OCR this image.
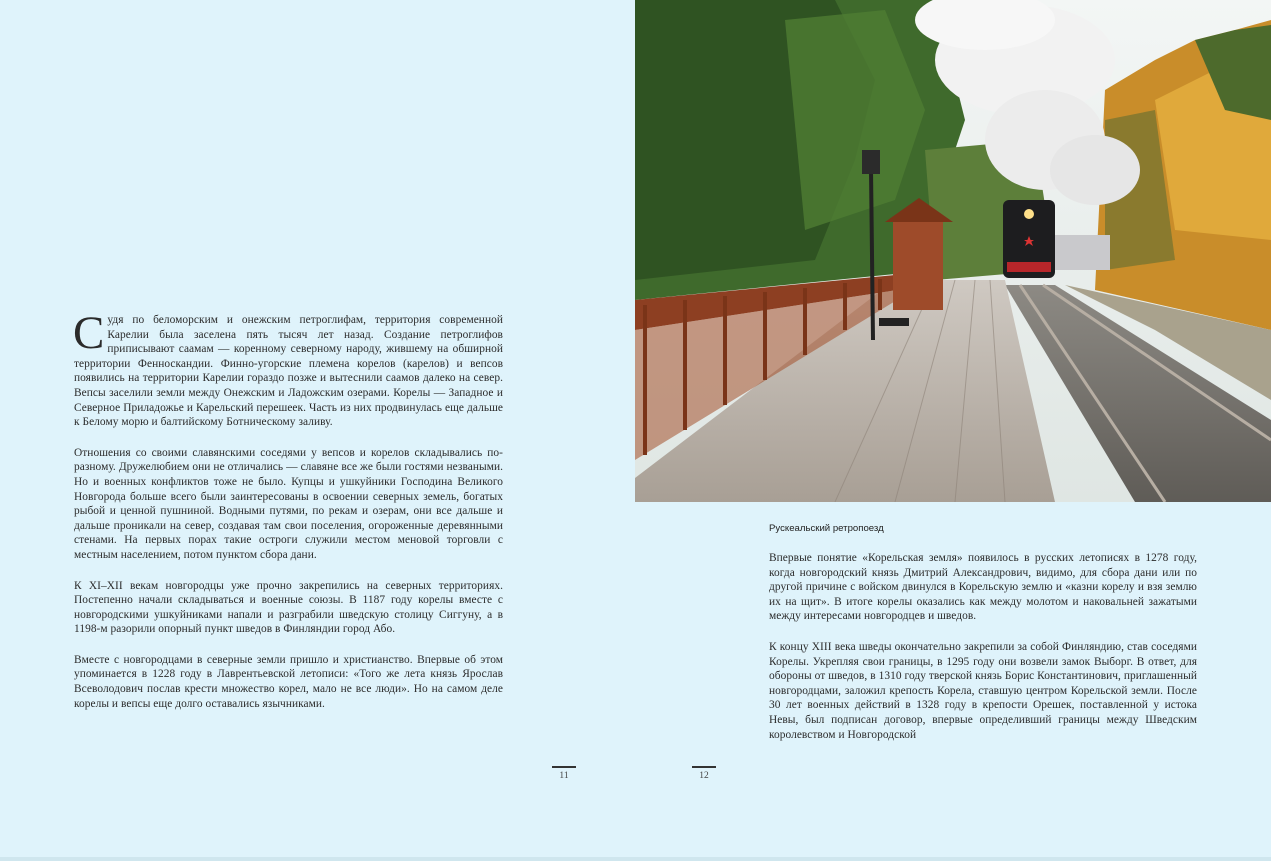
Судя по беломорским и онежским петроглифам, территория современной Карелии была заселена пять тысяч лет назад. Создание петроглифов приписывают саамам — коренному северному народу, жившему на обширной территории Фенноскандии. Финно-угорские племена корелов (карелов) и вепсов появились на территории Карелии гораздо позже и вытеснили саамов далеко на север. Вепсы заселили земли между Онежским и Ладожским озерами. Корелы — Западное и Северное Приладожье и Карельский перешеек. Часть из них продвинулась еще дальше к Белому морю и балтийскому Ботническому заливу.

Отношения со своими славянскими соседями у вепсов и корелов складывались по-разному. Дружелюбием они не отличались — славяне все же были гостями незваными. Но и военных конфликтов тоже не было. Купцы и ушкуйники Господина Великого Новгорода больше всего были заинтересованы в освоении северных земель, богатых рыбой и ценной пушниной. Водными путями, по рекам и озерам, они все дальше и дальше проникали на север, создавая там свои поселения, огороженные деревянными стенами. На первых порах такие остроги служили местом меновой торговли с местным населением, потом пунктом сбора дани.

К XI–XII векам новгородцы уже прочно закрепились на северных территориях. Постепенно начали складываться и военные союзы. В 1187 году корелы вместе с новгородскими ушкуйниками напали и разграбили шведскую столицу Сиггуну, а в 1198-м разорили опорный пункт шведов в Финляндии город Або.

Вместе с новгородцами в северные земли пришло и христианство. Впервые об этом упоминается в 1228 году в Лаврентьевской летописи: «Того же лета князь Ярослав Всеволодович послав крести множество корел, мало не все люди». Но на самом деле корелы и вепсы еще долго оставались язычниками.

Рускеальский ретропоезд

Впервые понятие «Корельская земля» появилось в русских летописях в 1278 году, когда новгородский князь Дмитрий Александрович, видимо, для сбора дани или по другой причине с войском двинулся в Корельскую землю и «казни корелу и взя землю их на щит». В итоге корелы оказались как между молотом и наковальней зажатыми между интересами новгородцев и шведов.

К концу XIII века шведы окончательно закрепили за собой Финляндию, став соседями Корелы. Укрепляя свои границы, в 1295 году они возвели замок Выборг. В ответ, для обороны от шведов, в 1310 году тверской князь Борис Константинович, приглашенный новгородцами, заложил крепость Корела, ставшую центром Корельской земли. После 30 лет военных действий в 1328 году в крепости Орешек, поставленной у истока Невы, был подписан договор, впервые определивший границы между Шведским королевством и Новгородской

11	12
